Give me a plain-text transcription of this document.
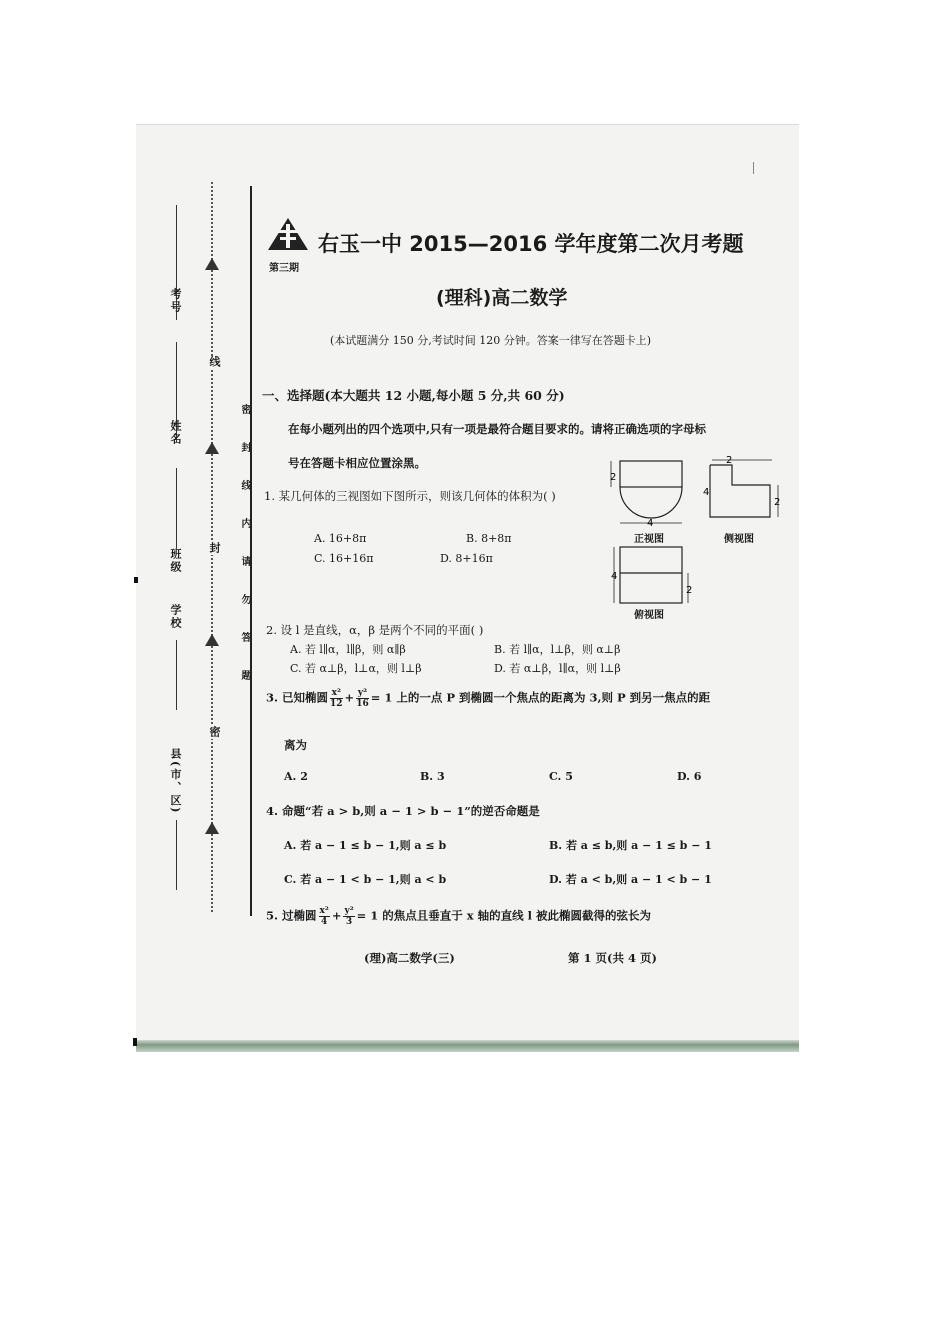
考号
姓名
班级
学校
县(市、区)
线
封
密
密封线内请勿答题
第三期
右玉一中 2015—2016 学年度第二次月考题
(理科)高二数学
(本试题满分 150 分,考试时间 120 分钟。答案一律写在答题卡上)
一、选择题(本大题共 12 小题,每小题 5 分,共 60 分)
在每小题列出的四个选项中,只有一项是最符合题目要求的。请将正确选项的字母标
号在答题卡相应位置涂黑。
1. 某几何体的三视图如下图所示，则该几何体的体积为( )
A. 16+8π	B. 8+8π
C. 16+16π	D. 8+16π
2
4
2
4
2
4
2
正视图	侧视图
俯视图
2. 设 l 是直线，α，β 是两个不同的平面( )
A. 若 l∥α，l∥β，则 α∥β	B. 若 l∥α，l⊥β，则 α⊥β
C. 若 α⊥β，l⊥α，则 l⊥β	D. 若 α⊥β，l∥α，则 l⊥β
3. 已知椭圆 $\frac{\text{x²}}{12} + \frac{\text{y²}}{16} = 1$ 上的一点 P 到椭圆一个焦点的距离为 3,则 P 到另一焦点的距
离为
A. 2	B. 3	C. 5	D. 6
4. 命题“若 a > b,则 a − 1 > b − 1”的逆否命题是
A. 若 a − 1 ≤ b − 1,则 a ≤ b	B. 若 a ≤ b,则 a − 1 ≤ b − 1
C. 若 a − 1 < b − 1,则 a < b	D. 若 a < b,则 a − 1 < b − 1
5. 过椭圆 $\frac{\text{x²}}{4} + \frac{\text{y²}}{3} = 1$ 的焦点且垂直于 x 轴的直线 l 被此椭圆截得的弦长为
(理)高二数学(三)	第 1 页(共 4 页)
